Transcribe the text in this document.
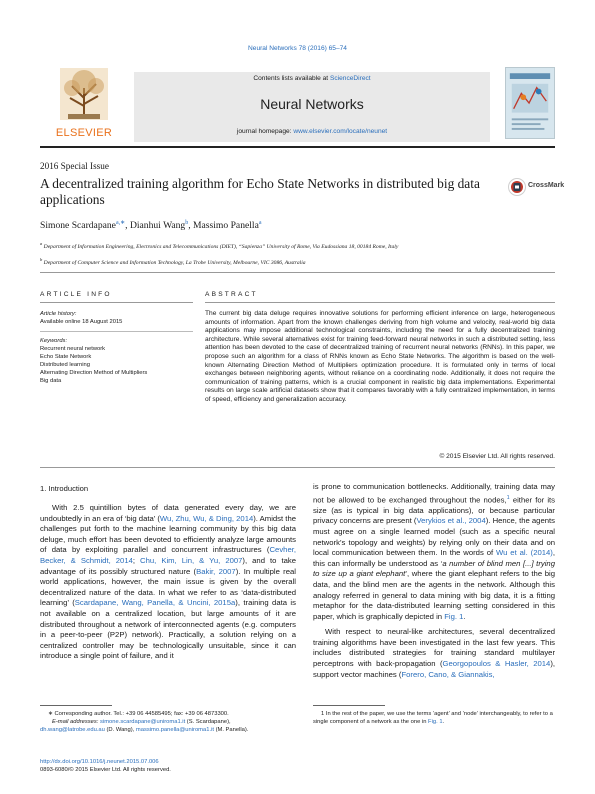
Neural Networks 78 (2016) 65–74
ELSEVIER
Contents lists available at ScienceDirect
Neural Networks
journal homepage: www.elsevier.com/locate/neunet
2016 Special Issue
A decentralized training algorithm for Echo State Networks in distributed big data applications
CrossMark
Simone Scardapane$^{a,∗}$, Dianhui Wang$^b$, Massimo Panella$^a$
$^a$ Department of Information Engineering, Electronics and Telecommunications (DIET), “Sapienza” University of Rome, Via Eudossiana 18, 00184 Rome, Italy
$^b$ Department of Computer Science and Information Technology, La Trobe University, Melbourne, VIC 3086, Australia
ARTICLE INFO	ABSTRACT
Article history:
Available online 18 August 2015
Keywords:
Recurrent neural network
Echo State Network
Distributed learning
Alternating Direction Method of Multipliers
Big data
The current big data deluge requires innovative solutions for performing efficient inference on large, heterogeneous amounts of information. Apart from the known challenges deriving from high volume and velocity, real-world big data applications may impose additional technological constraints, including the need for a fully decentralized training architecture. While several alternatives exist for training feed-forward neural networks in such a distributed setting, less attention has been devoted to the case of decentralized training of recurrent neural networks (RNNs). In this paper, we propose such an algorithm for a class of RNNs known as Echo State Networks. The algorithm is based on the well-known Alternating Direction Method of Multipliers optimization procedure. It is formulated only in terms of local exchanges between neighboring agents, without reliance on a coordinating node. Additionally, it does not require the communication of training patterns, which is a crucial component in realistic big data implementations. Experimental results on large scale artificial datasets show that it compares favorably with a fully centralized implementation, in terms of speed, efficiency and generalization accuracy.
© 2015 Elsevier Ltd. All rights reserved.
1. Introduction

With 2.5 quintillion bytes of data generated every day, we are undoubtedly in an era of ‘big data’ (Wu, Zhu, Wu, & Ding, 2014). Amidst the challenges put forth to the machine learning community by this big data deluge, much effort has been devoted to efficiently analyze large amounts of data by exploiting parallel and concurrent infrastructures (Cevher, Becker, & Schmidt, 2014; Chu, Kim, Lin, & Yu, 2007), and to take advantage of its possibly structured nature (Bakir, 2007). In multiple real world applications, however, the main issue is given by the overall decentralized nature of the data. In what we refer to as ‘data-distributed learning’ (Scardapane, Wang, Panella, & Uncini, 2015a), training data is not available on a centralized location, but large amounts of it are distributed throughout a network of interconnected agents (e.g. computers in a peer-to-peer (P2P) network). Practically, a solution relying on a centralized controller may be technologically unsuitable, since it can introduce a single point of failure, and it

is prone to communication bottlenecks. Additionally, training data may not be allowed to be exchanged throughout the nodes,$^1$ either for its size (as is typical in big data applications), or because particular privacy concerns are present (Verykios et al., 2004). Hence, the agents must agree on a single learned model (such as a specific neural network’s topology and weights) by relying only on their data and on local communication between them. In the words of Wu et al. (2014), this can informally be understood as ‘a number of blind men [...] trying to size up a giant elephant’, where the giant elephant refers to the big data, and the blind men are the agents in the network. Although this analogy referred in general to data mining with big data, it is a fitting metaphor for the data-distributed learning setting considered in this paper, which is graphically depicted in Fig. 1.

With respect to neural-like architectures, several decentralized training algorithms have been investigated in the last few years. This includes distributed strategies for training standard multilayer perceptrons with back-propagation (Georgopoulos & Hasler, 2014), support vector machines (Forero, Cano, & Giannakis,

∗ Corresponding author. Tel.: +39 06 44585495; fax: +39 06 4873300.
E-mail addresses: simone.scardapane@uniroma1.it (S. Scardapane),
dh.wang@latrobe.edu.au (D. Wang), massimo.panella@uniroma1.it (M. Panella).
1 In the rest of the paper, we use the terms ‘agent’ and ‘node’ interchangeably, to refer to a single component of a network as the one in Fig. 1.
http://dx.doi.org/10.1016/j.neunet.2015.07.006
0893-6080/© 2015 Elsevier Ltd. All rights reserved.
